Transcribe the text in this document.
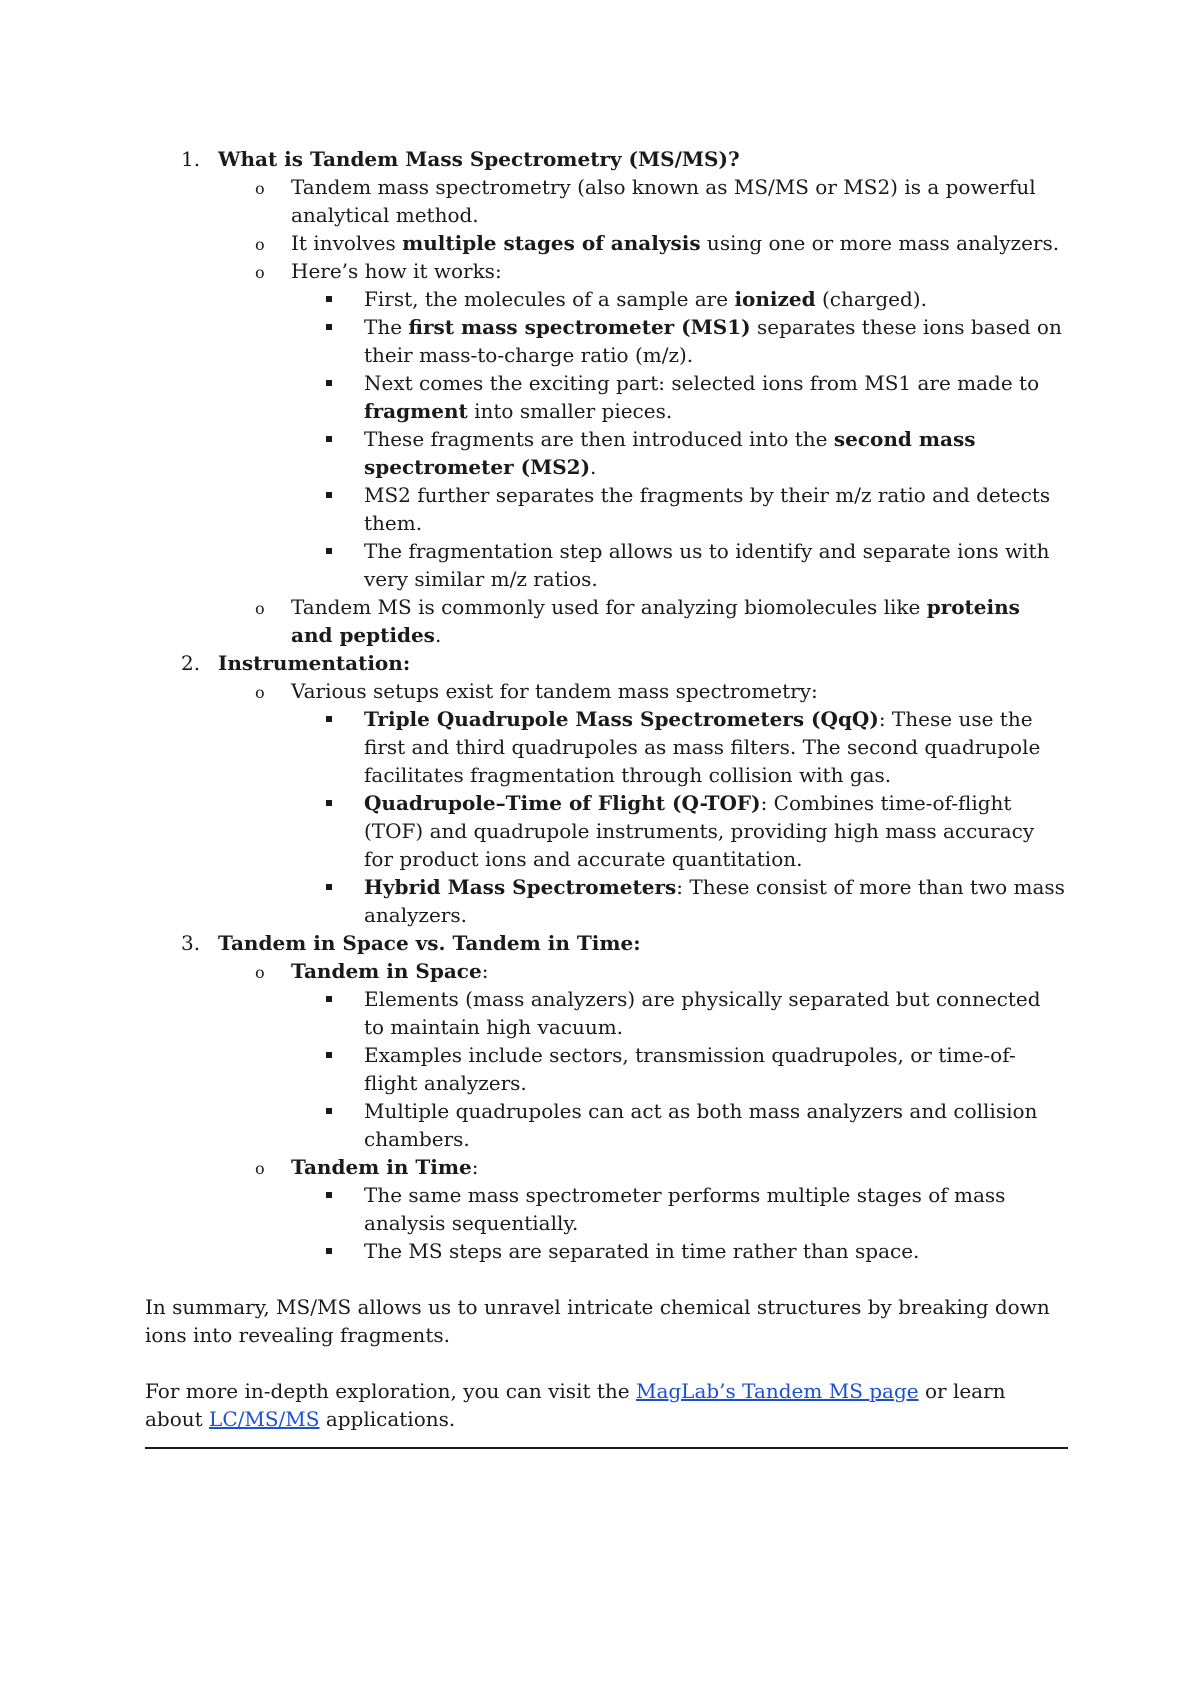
1. What is Tandem Mass Spectrometry (MS/MS)?
o Tandem mass spectrometry (also known as MS/MS or MS2) is a powerful analytical method.
o It involves multiple stages of analysis using one or more mass analyzers.
o Here’s how it works:
First, the molecules of a sample are ionized (charged).
The first mass spectrometer (MS1) separates these ions based on their mass-to-charge ratio (m/z).
Next comes the exciting part: selected ions from MS1 are made to fragment into smaller pieces.
These fragments are then introduced into the second mass spectrometer (MS2).
MS2 further separates the fragments by their m/z ratio and detects them.
The fragmentation step allows us to identify and separate ions with very similar m/z ratios.
o Tandem MS is commonly used for analyzing biomolecules like proteins and peptides.
2. Instrumentation:
o Various setups exist for tandem mass spectrometry:
Triple Quadrupole Mass Spectrometers (QqQ): These use the first and third quadrupoles as mass filters. The second quadrupole facilitates fragmentation through collision with gas.
Quadrupole–Time of Flight (Q-TOF): Combines time-of-flight (TOF) and quadrupole instruments, providing high mass accuracy for product ions and accurate quantitation.
Hybrid Mass Spectrometers: These consist of more than two mass analyzers.
3. Tandem in Space vs. Tandem in Time:
o Tandem in Space:
Elements (mass analyzers) are physically separated but connected to maintain high vacuum.
Examples include sectors, transmission quadrupoles, or time-of-flight analyzers.
Multiple quadrupoles can act as both mass analyzers and collision chambers.
o Tandem in Time:
The same mass spectrometer performs multiple stages of mass analysis sequentially.
The MS steps are separated in time rather than space.

In summary, MS/MS allows us to unravel intricate chemical structures by breaking down ions into revealing fragments.

For more in-depth exploration, you can visit the MagLab’s Tandem MS page or learn about LC/MS/MS applications.
